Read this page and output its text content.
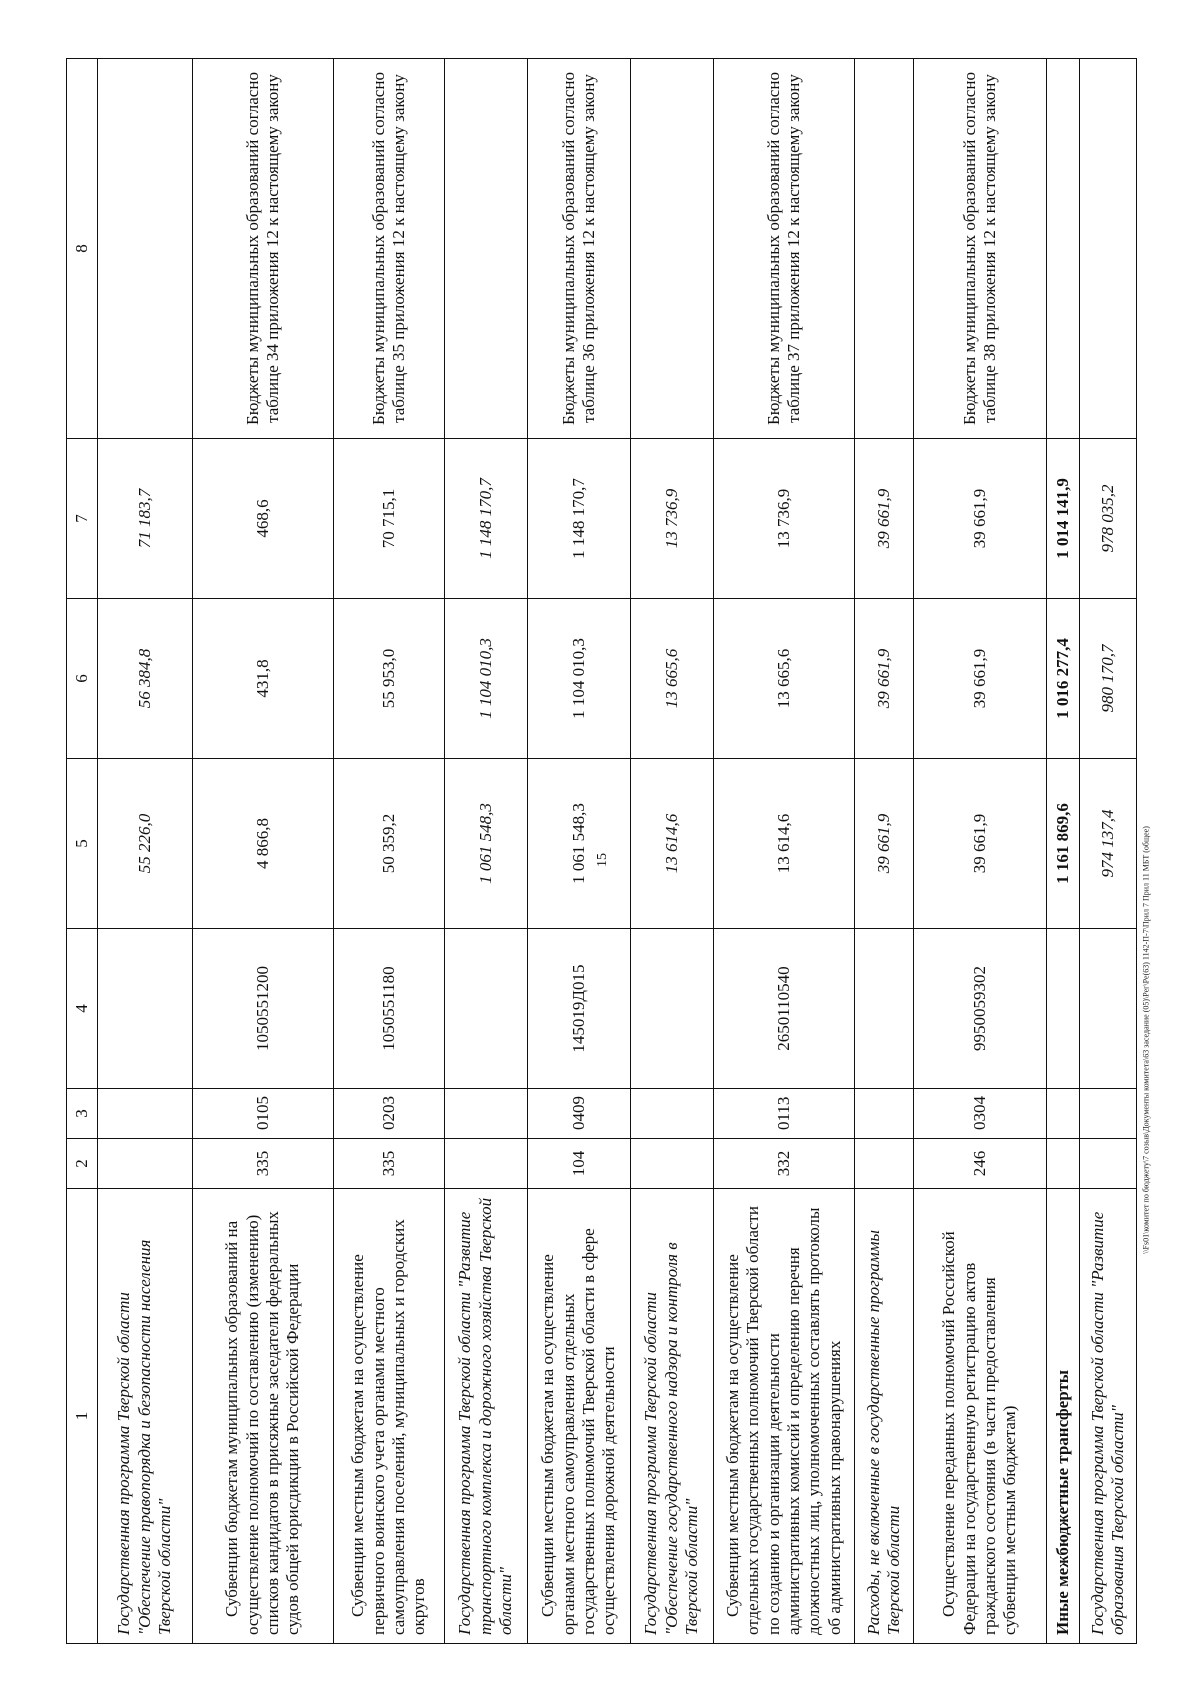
15
1	2	3	4	5	6	7	8
Государственная программа Тверской области "Обеспечение правопорядка и безопасности населения Тверской области"				55 226,0	56 384,8	71 183,7	
Субвенции бюджетам муниципальных образований на осуществление полномочий по составлению (изменению) списков кандидатов в присяжные заседатели федеральных судов общей юрисдикции в Российской Федерации	335	0105	1050551200	4 866,8	431,8	468,6	Бюджеты муниципальных образований согласно таблице 34 приложения 12 к настоящему закону
Субвенции местным бюджетам на осуществление первичного воинского учета органами местного самоуправления поселений, муниципальных и городских округов	335	0203	1050551180	50 359,2	55 953,0	70 715,1	Бюджеты муниципальных образований согласно таблице 35 приложения 12 к настоящему закону
Государственная программа Тверской области "Развитие транспортного комплекса и дорожного хозяйства Тверской области"				1 061 548,3	1 104 010,3	1 148 170,7	
Субвенции местным бюджетам на осуществление органами местного самоуправления отдельных государственных полномочий Тверской области в сфере осуществления дорожной деятельности	104	0409	145019Д015	1 061 548,3	1 104 010,3	1 148 170,7	Бюджеты муниципальных образований согласно таблице 36 приложения 12 к настоящему закону
Государственная программа Тверской области "Обеспечение государственного надзора и контроля в Тверской области"				13 614,6	13 665,6	13 736,9	
Субвенции местным бюджетам на осуществление отдельных государственных полномочий Тверской области по созданию и организации деятельности административных комиссий и определению перечня должностных лиц, уполномоченных составлять протоколы об административных правонарушениях	332	0113	2650110540	13 614,6	13 665,6	13 736,9	Бюджеты муниципальных образований согласно таблице 37 приложения 12 к настоящему закону
Расходы, не включенные в государственные программы Тверской области				39 661,9	39 661,9	39 661,9	
Осуществление переданных полномочий Российской Федерации на государственную регистрацию актов гражданского состояния (в части предоставления субвенции местным бюджетам)	246	0304	9950059302	39 661,9	39 661,9	39 661,9	Бюджеты муниципальных образований согласно таблице 38 приложения 12 к настоящему закону
Иные межбюджетные трансферты				1 161 869,6	1 016 277,4	1 014 141,9	
Государственная программа Тверской области "Развитие образования Тверской области"				974 137,4	980 170,7	978 035,2	
\\Fs01\комитет по бюджету\7 созыв\Документы комитета\63 заседание (05)\Рег\Ре(63) 1142-П-7\Прил 7 Прил 11 МБТ (общее)
